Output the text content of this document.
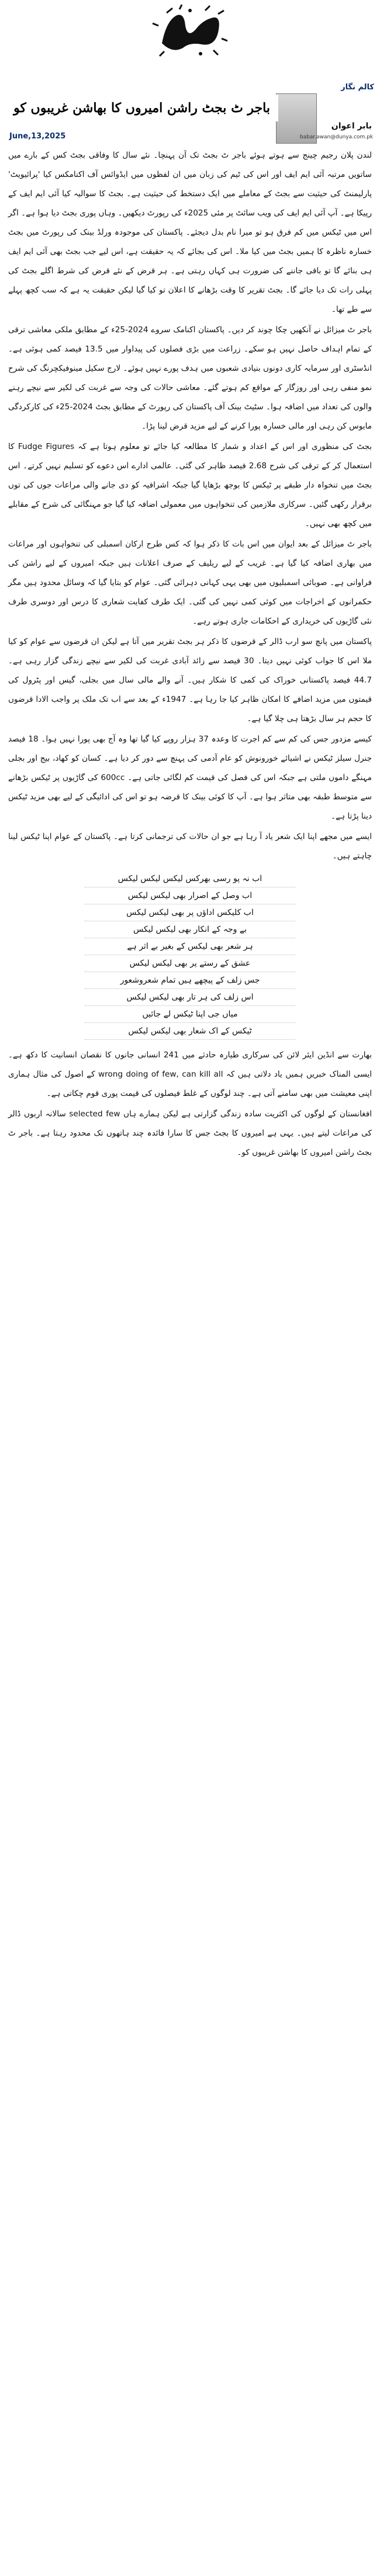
کالم نگار
بابر اعوان
babar.awan@dunya.com.pk
باجر ٹ بجٹ راشن امیروں کا بھاشن غریبوں کو
June,13,2025

لندن پلان رجیم چینج سے ہوتے ہوئے باجر ٹ بجٹ تک آن پہنچا۔ نئے سال کا وفاقی بجٹ کس کے بارے میں ساتویں مرتبہ آئی ایم ایف اور اس کی ٹیم کی زبان میں ان لفظوں میں ایڈوائس آف اکنامکس کیا 'پرائیویٹ' پارلیمنٹ کی حیثیت سے بجٹ کے معاملے میں ایک دستخط کی حیثیت ہے۔ بجٹ کا سوالیہ کیا آئی ایم ایف کے رپیکا ہے۔ آپ آئی ایم ایف کی ویب سائٹ پر مئی 2025ء کی رپورٹ دیکھیں۔ وہاں پوری بجٹ دیا ہوا ہے۔ اگر اس میں ٹیکس میں کم فرق ہو تو میرا نام بدل دیجئے۔ پاکستان کی موجودہ ورلڈ بینک کی رپورٹ میں بجٹ خسارہ ناظرہ کا ہمیں بجٹ میں کیا ملا۔ اس کی بجائے کہ یہ حقیقت ہے، اس لیے جب بجٹ بھی آئی ایم ایف ہی بنائے گا تو باقی جاننے کی ضرورت ہی کہاں رہتی ہے۔ ہر قرض کے نئے قرض کی شرط اگلے بجٹ کی پہلی رات تک دیا جائے گا۔ بجٹ تقریر کا وقت بڑھانے کا اعلان تو کیا گیا لیکن حقیقت یہ ہے کہ سب کچھ پہلے سے طے تھا۔

باجر ٹ میزائل نے آنکھیں چکا چوند کر دیں۔ پاکستان اکنامک سروے 2024-25ء کے مطابق ملکی معاشی ترقی کے تمام اہداف حاصل نہیں ہو سکے۔ زراعت میں بڑی فصلوں کی پیداوار میں 13.5 فیصد کمی ہوئی ہے۔ انڈسٹری اور سرمایہ کاری دونوں بنیادی شعبوں میں ہدف پورے نہیں ہوئے۔ لارج سکیل مینوفیکچرنگ کی شرح نمو منفی رہی اور روزگار کے مواقع کم ہوتے گئے۔ معاشی حالات کی وجہ سے غربت کی لکیر سے نیچے رہنے والوں کی تعداد میں اضافہ ہوا۔ سٹیٹ بینک آف پاکستان کی رپورٹ کے مطابق بجٹ 2024-25ء کی کارکردگی مایوس کن رہی اور مالی خسارہ پورا کرنے کے لیے مزید قرض لینا پڑا۔

بجٹ کی منظوری اور اس کے اعداد و شمار کا مطالعہ کیا جائے تو معلوم ہوتا ہے کہ Fudge Figures کا استعمال کر کے ترقی کی شرح 2.68 فیصد ظاہر کی گئی۔ عالمی ادارے اس دعوے کو تسلیم نہیں کرتے۔ اس بجٹ میں تنخواہ دار طبقے پر ٹیکس کا بوجھ بڑھایا گیا جبکہ اشرافیہ کو دی جانے والی مراعات جوں کی توں برقرار رکھی گئیں۔ سرکاری ملازمین کی تنخواہوں میں معمولی اضافہ کیا گیا جو مہنگائی کی شرح کے مقابلے میں کچھ بھی نہیں۔

باجر ٹ میزائل کے بعد ایوان میں اس بات کا ذکر ہوا کہ کس طرح ارکان اسمبلی کی تنخواہوں اور مراعات میں بھاری اضافہ کیا گیا ہے۔ غریب کے لیے ریلیف کے صرف اعلانات ہیں جبکہ امیروں کے لیے راشن کی فراوانی ہے۔ صوبائی اسمبلیوں میں بھی یہی کہانی دہرائی گئی۔ عوام کو بتایا گیا کہ وسائل محدود ہیں مگر حکمرانوں کے اخراجات میں کوئی کمی نہیں کی گئی۔ ایک طرف کفایت شعاری کا درس اور دوسری طرف نئی گاڑیوں کی خریداری کے احکامات جاری ہوتے رہے۔

پاکستان میں پانچ سو ارب ڈالر کے قرضوں کا ذکر ہر بجٹ تقریر میں آتا ہے لیکن ان قرضوں سے عوام کو کیا ملا اس کا جواب کوئی نہیں دیتا۔ 30 فیصد سے زائد آبادی غربت کی لکیر سے نیچے زندگی گزار رہی ہے۔ 44.7 فیصد پاکستانی خوراک کی کمی کا شکار ہیں۔ آنے والے مالی سال میں بجلی، گیس اور پٹرول کی قیمتوں میں مزید اضافے کا امکان ظاہر کیا جا رہا ہے۔ 1947ء کے بعد سے اب تک ملک پر واجب الادا قرضوں کا حجم ہر سال بڑھتا ہی چلا گیا ہے۔

کیسے مزدور جس کی کم سے کم اجرت کا وعدہ 37 ہزار روپے کیا گیا تھا وہ آج بھی پورا نہیں ہوا۔ 18 فیصد جنرل سیلز ٹیکس نے اشیائے خورونوش کو عام آدمی کی پہنچ سے دور کر دیا ہے۔ کسان کو کھاد، بیج اور بجلی مہنگے داموں ملتی ہے جبکہ اس کی فصل کی قیمت کم لگائی جاتی ہے۔ 600cc کی گاڑیوں پر ٹیکس بڑھانے سے متوسط طبقہ بھی متاثر ہوا ہے۔ آپ کا کوئی بینک کا قرضہ ہو تو اس کی ادائیگی کے لیے بھی مزید ٹیکس دینا پڑتا ہے۔

ایسے میں مجھے اپنا ایک شعر یاد آ رہا ہے جو ان حالات کی ترجمانی کرتا ہے۔ پاکستان کے عوام اپنا ٹیکس لینا چاہتے ہیں۔

اب نہ پو رسی بھرکس لیکس لیکس لیکس
اب وصل کے اصرار بھی لیکس لیکس
اب کلیکس اداؤں پر بھی لیکس لیکس
بے وجہ کے انکار بھی لیکس لیکس
ہر شعر بھی لیکس کے بغیر بے اثر ہے
عشق کے رستے پر بھی لیکس لیکس
جس زلف کے پیچھے ہیں تمام شعروشعور
اس زلف کی ہر تار بھی لیکس لیکس
میاں جی اپنا ٹیکس لے جائیں
ٹیکس کے اک شعار بھی لیکس لیکس

بھارت سے انڈین ایئر لائن کی سرکاری طیارہ حادثے میں 241 انسانی جانوں کا نقصان انسانیت کا دکھ ہے۔ ایسی المناک خبریں ہمیں یاد دلاتی ہیں کہ wrong doing of few, can kill all کے اصول کی مثال ہماری اپنی معیشت میں بھی سامنے آتی ہے۔ چند لوگوں کے غلط فیصلوں کی قیمت پوری قوم چکاتی ہے۔

افغانستان کے لوگوں کی اکثریت سادہ زندگی گزارتی ہے لیکن ہمارے ہاں selected few سالانہ اربوں ڈالر کی مراعات لیتے ہیں۔ یہی ہے امیروں کا بجٹ جس کا سارا فائدہ چند ہاتھوں تک محدود رہتا ہے۔ باجر ٹ بجٹ راشن امیروں کا بھاشن غریبوں کو۔
